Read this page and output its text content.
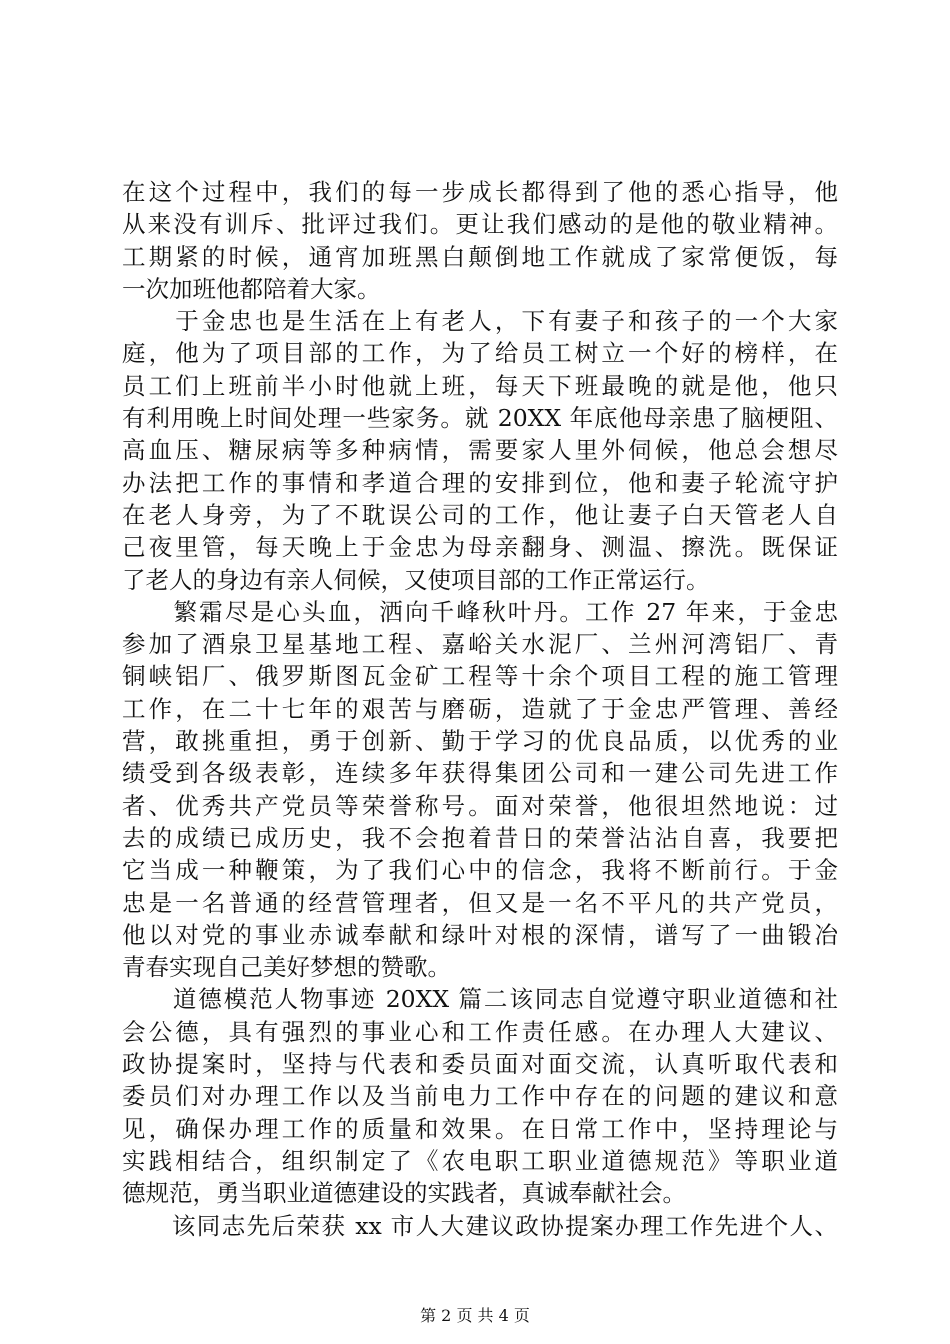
在这个过程中，我们的每一步成长都得到了他的悉心指导，他
从来没有训斥、批评过我们。更让我们感动的是他的敬业精神。
工期紧的时候，通宵加班黑白颠倒地工作就成了家常便饭，每
一次加班他都陪着大家。
　　于金忠也是生活在上有老人，下有妻子和孩子的一个大家
庭，他为了项目部的工作，为了给员工树立一个好的榜样，在
员工们上班前半小时他就上班，每天下班最晚的就是他，他只
有利用晚上时间处理一些家务。就 20XX 年底他母亲患了脑梗阻、
高血压、糖尿病等多种病情，需要家人里外伺候，他总会想尽
办法把工作的事情和孝道合理的安排到位，他和妻子轮流守护
在老人身旁，为了不耽误公司的工作，他让妻子白天管老人自
己夜里管，每天晚上于金忠为母亲翻身、测温、擦洗。既保证
了老人的身边有亲人伺候，又使项目部的工作正常运行。
　　繁霜尽是心头血，洒向千峰秋叶丹。工作 27 年来，于金忠
参加了酒泉卫星基地工程、嘉峪关水泥厂、兰州河湾铝厂、青
铜峡铝厂、俄罗斯图瓦金矿工程等十余个项目工程的施工管理
工作，在二十七年的艰苦与磨砺，造就了于金忠严管理、善经
营，敢挑重担，勇于创新、勤于学习的优良品质，以优秀的业
绩受到各级表彰，连续多年获得集团公司和一建公司先进工作
者、优秀共产党员等荣誉称号。面对荣誉，他很坦然地说：过
去的成绩已成历史，我不会抱着昔日的荣誉沾沾自喜，我要把
它当成一种鞭策，为了我们心中的信念，我将不断前行。于金
忠是一名普通的经营管理者，但又是一名不平凡的共产党员，
他以对党的事业赤诚奉献和绿叶对根的深情，谱写了一曲锻冶
青春实现自己美好梦想的赞歌。
　　道德模范人物事迹 20XX 篇二该同志自觉遵守职业道德和社
会公德，具有强烈的事业心和工作责任感。在办理人大建议、
政协提案时，坚持与代表和委员面对面交流，认真听取代表和
委员们对办理工作以及当前电力工作中存在的问题的建议和意
见，确保办理工作的质量和效果。在日常工作中，坚持理论与
实践相结合，组织制定了《农电职工职业道德规范》等职业道
德规范，勇当职业道德建设的实践者，真诚奉献社会。
　　该同志先后荣获 xx 市人大建议政协提案办理工作先进个人、
第 2 页 共 4 页
